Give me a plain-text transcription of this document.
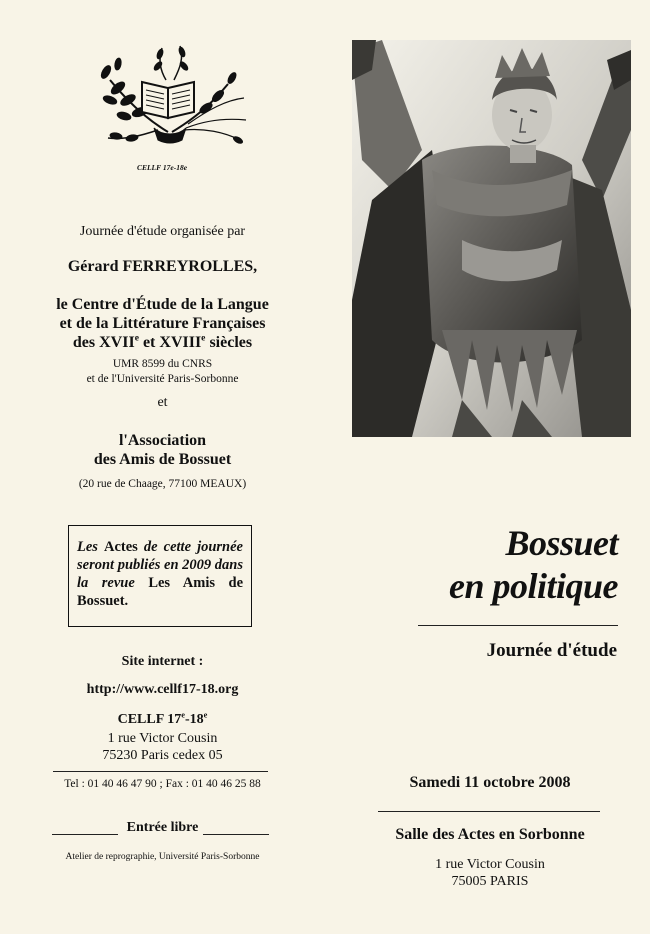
CELLF 17e-18e
Journée d'étude organisée par
Gérard FERREYROLLES,
le Centre d'Étude de la Langue
et de la Littérature Françaises
des XVIIe et XVIIIe siècles
UMR 8599 du CNRS
et de l'Université Paris-Sorbonne
et
l'Association
des Amis de Bossuet
(20 rue de Chaage, 77100 MEAUX)
Les Actes de cette journée seront publiés en 2009 dans la revue Les Amis de Bossuet.
Site internet :
http://www.cellf17-18.org
CELLF 17e-18e
1 rue Victor Cousin
75230 Paris cedex 05
Tel : 01 40 46 47 90 ; Fax : 01 40 46 25 88
Entrée libre
Atelier de reprographie, Université Paris-Sorbonne
Bossuet
en politique
Journée d'étude
Samedi 11 octobre 2008
Salle des Actes en Sorbonne
1 rue Victor Cousin
75005 PARIS
